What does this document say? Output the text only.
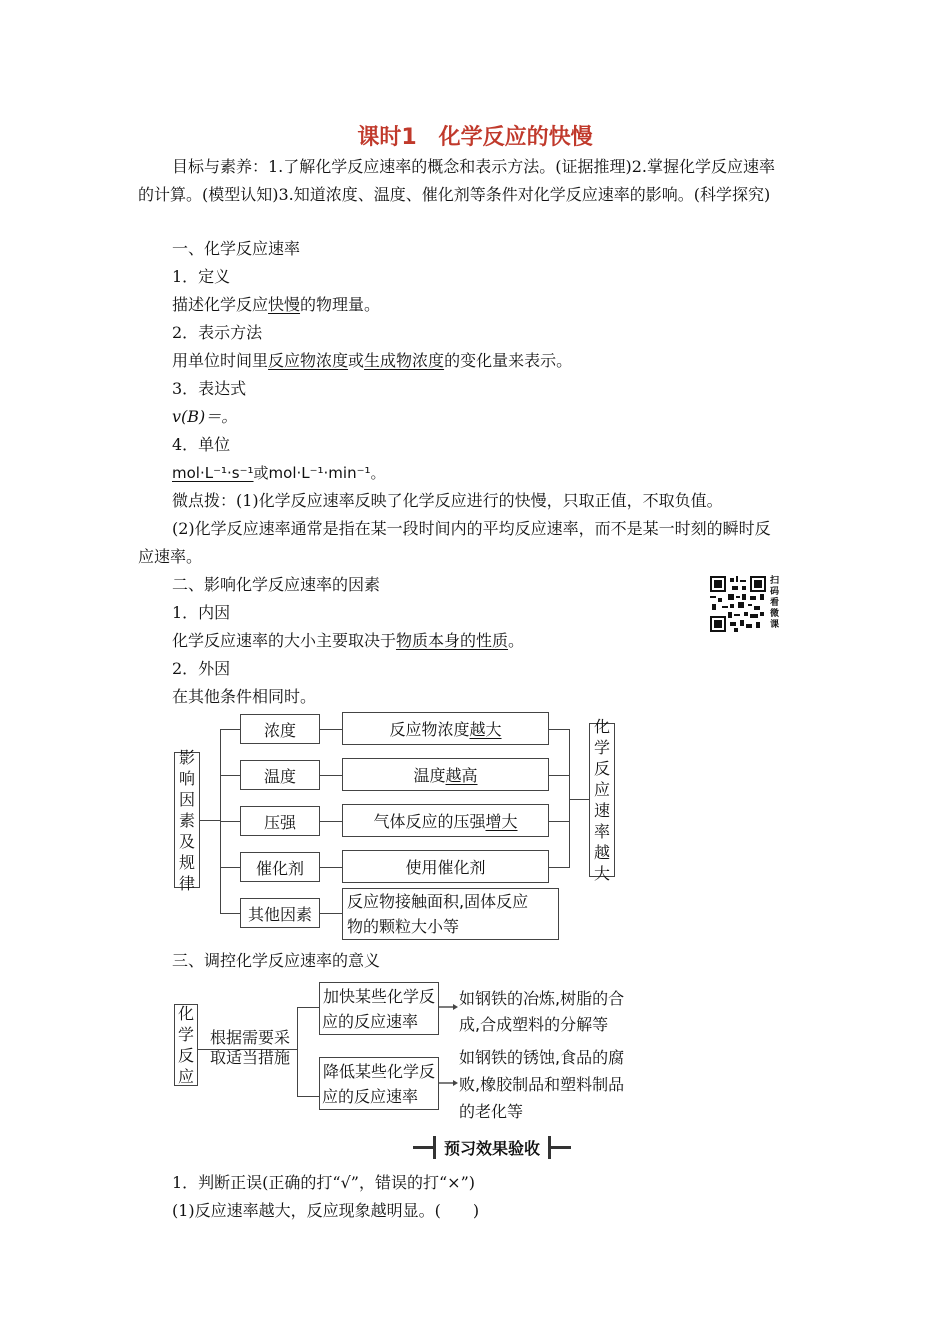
课时1　化学反应的快慢
目标与素养：1.了解化学反应速率的概念和表示方法。(证据推理)2.掌握化学反应速率
的计算。(模型认知)3.知道浓度、温度、催化剂等条件对化学反应速率的影响。(科学探究)
一、化学反应速率
1．定义
描述化学反应快慢的物理量。
2．表示方法
用单位时间里反应物浓度或生成物浓度的变化量来表示。
3．表达式
v(B)＝。
4．单位
mol·L⁻¹·s⁻¹或mol·L⁻¹·min⁻¹。
微点拨：(1)化学反应速率反映了化学反应进行的快慢，只取正值，不取负值。
(2)化学反应速率通常是指在某一段时间内的平均反应速率，而不是某一时刻的瞬时反
应速率。
二、影响化学反应速率的因素
1．内因
化学反应速率的大小主要取决于物质本身的性质。
2．外因
在其他条件相同时。
扫
码
看
微
课
影
响
因
素
及
规
律
浓度
温度
压强
催化剂
其他因素
反应物浓度 越大
温度 越高
气体反应的压强 增大
使用催化剂
反应物接触面积,固体反应
物的颗粒大小等
化
学
反
应
速
率
越
大
三、调控化学反应速率的意义
化
学
反
应
根据需要采
取适当措施
加快某些化学反
应的反应速率
降低某些化学反
应的反应速率
如钢铁的冶炼,树脂的合
成,合成塑料的分解等
如钢铁的锈蚀,食品的腐
败,橡胶制品和塑料制品
的老化等
预习效果验收
1．判断正误(正确的打“√”，错误的打“×”)
(1)反应速率越大，反应现象越明显。(　　)
